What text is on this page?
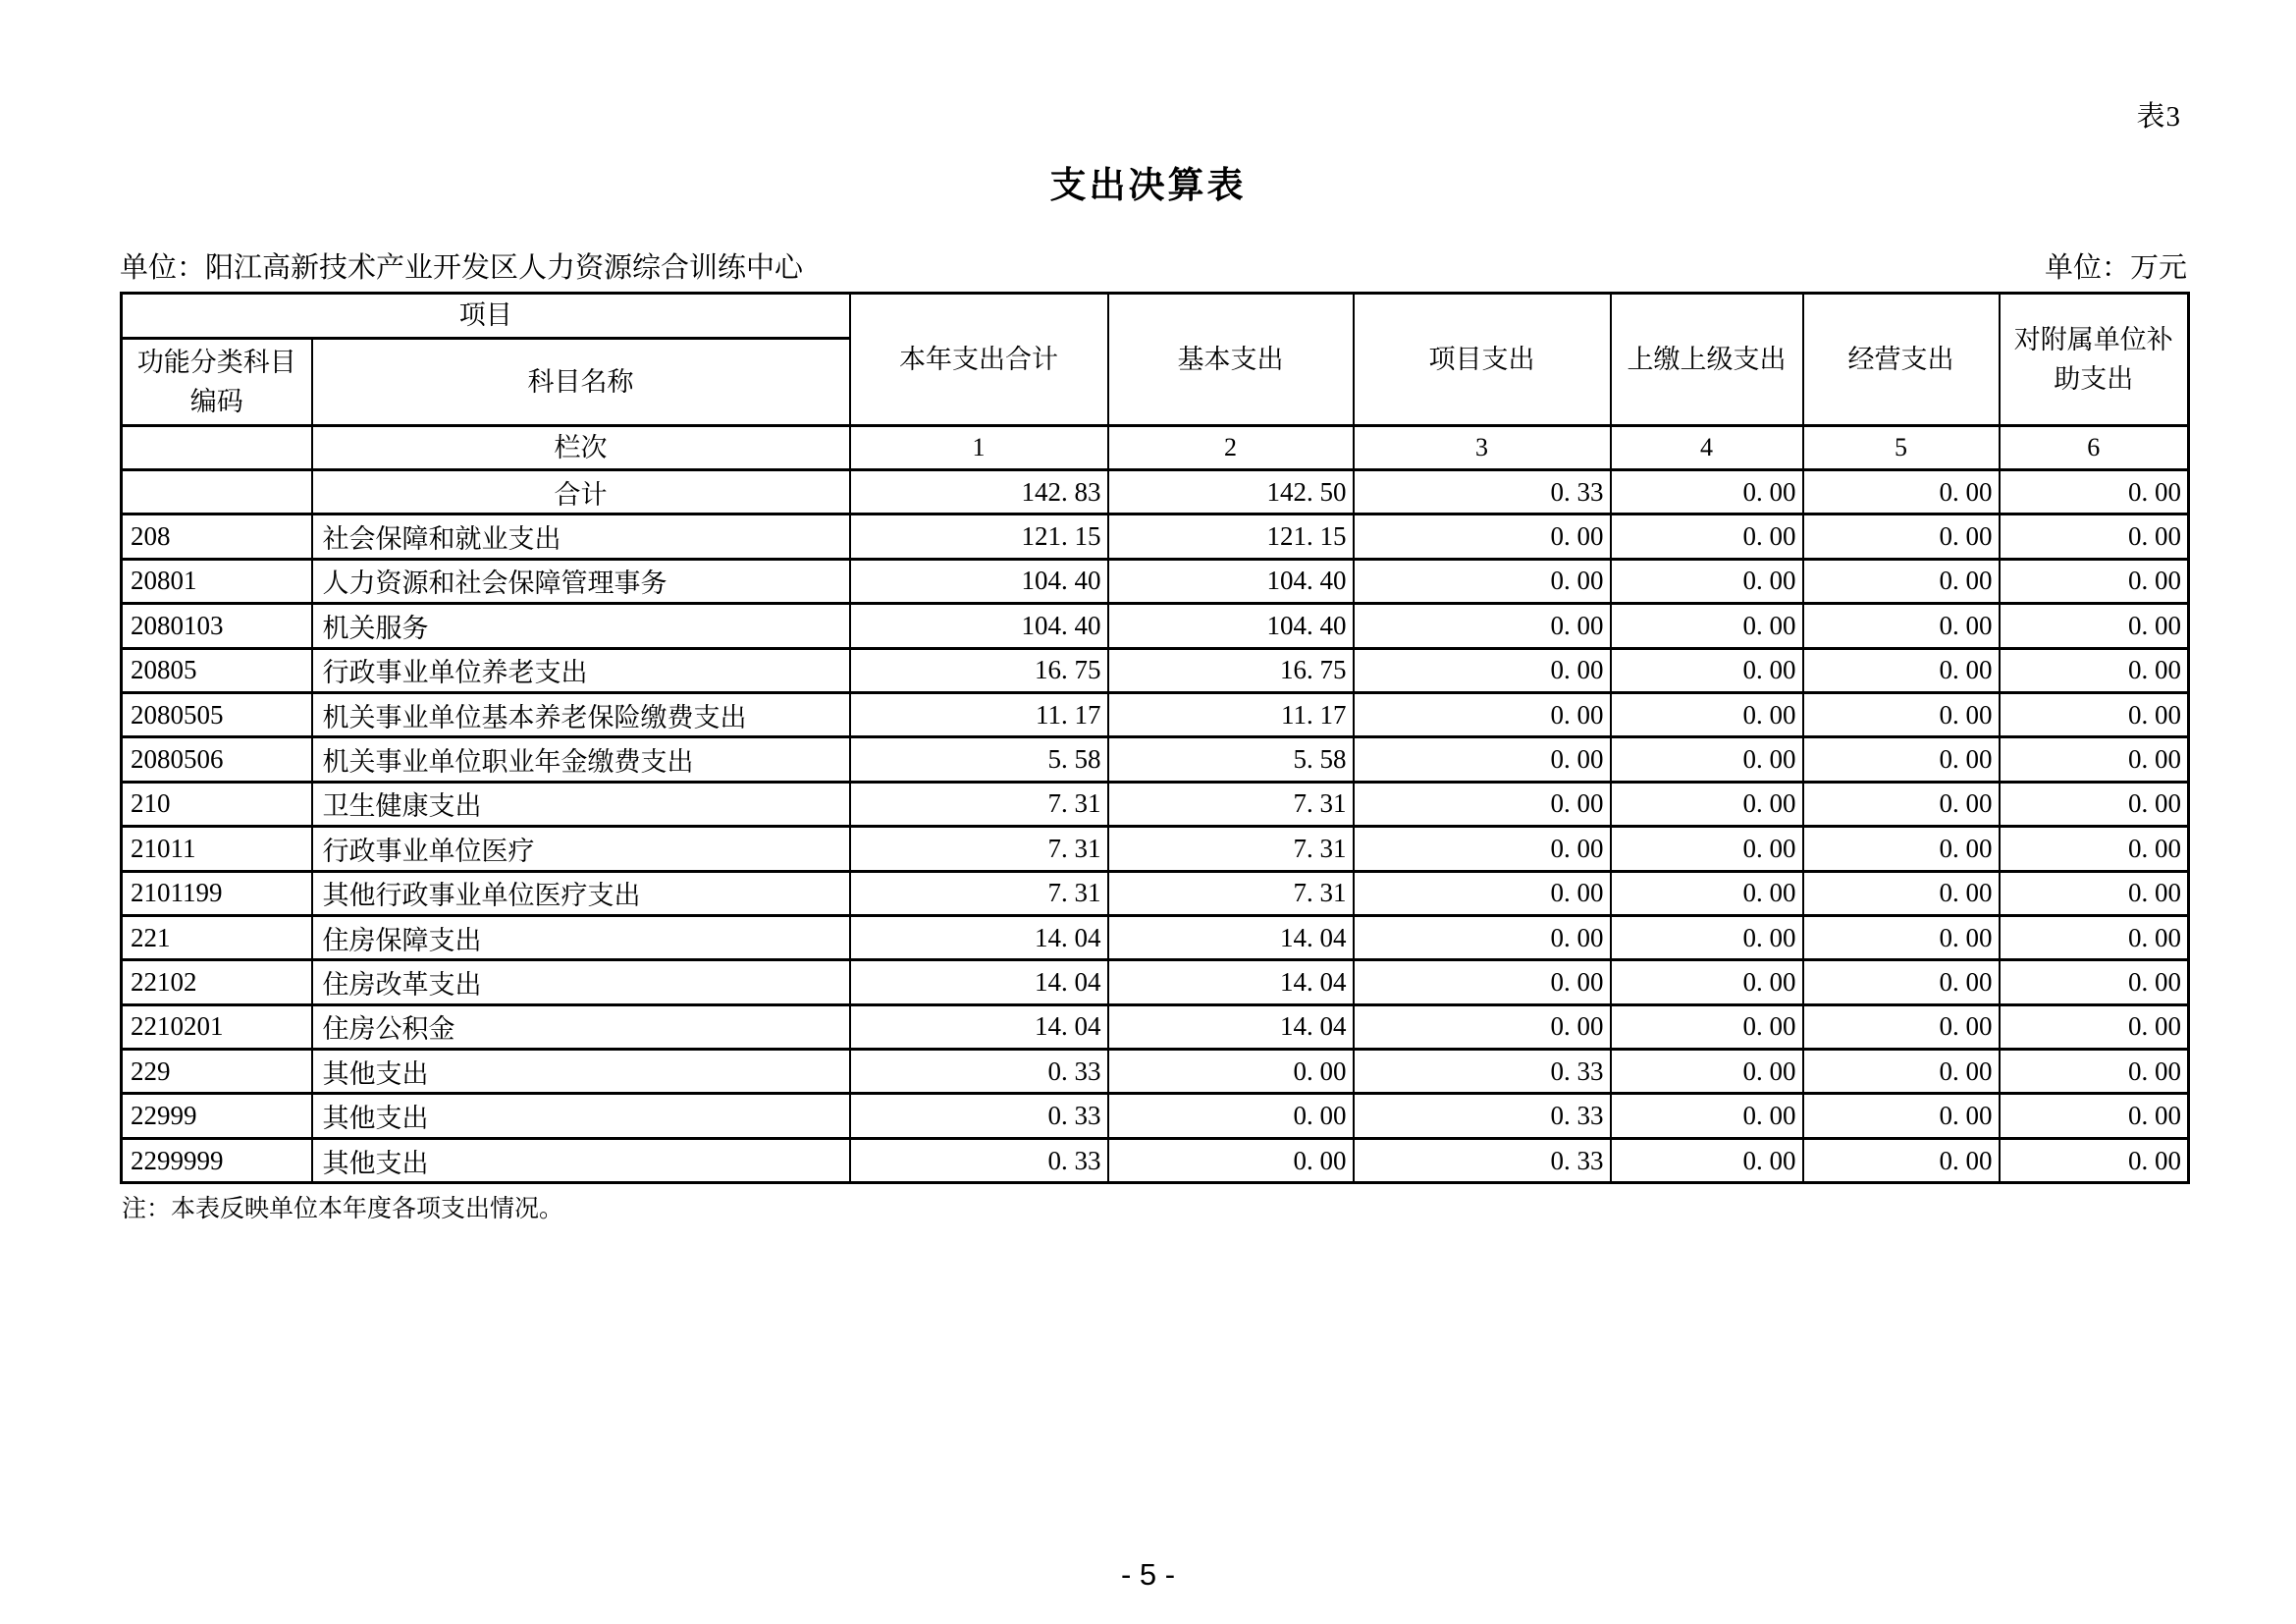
表3
支出决算表
单位：阳江高新技术产业开发区人力资源综合训练中心	单位：万元
项目		本年支出合计	基本支出	项目支出	上缴上级支出	经营支出	对附属单位补助支出
功能分类科目编码	科目名称						
	栏次	1	2	3	4	5	6
	合计	142. 83	142. 50	0. 33	0. 00	0. 00	0. 00
208	社会保障和就业支出	121. 15	121. 15	0. 00	0. 00	0. 00	0. 00
20801	人力资源和社会保障管理事务	104. 40	104. 40	0. 00	0. 00	0. 00	0. 00
2080103	机关服务	104. 40	104. 40	0. 00	0. 00	0. 00	0. 00
20805	行政事业单位养老支出	16. 75	16. 75	0. 00	0. 00	0. 00	0. 00
2080505	机关事业单位基本养老保险缴费支出	11. 17	11. 17	0. 00	0. 00	0. 00	0. 00
2080506	机关事业单位职业年金缴费支出	5. 58	5. 58	0. 00	0. 00	0. 00	0. 00
210	卫生健康支出	7. 31	7. 31	0. 00	0. 00	0. 00	0. 00
21011	行政事业单位医疗	7. 31	7. 31	0. 00	0. 00	0. 00	0. 00
2101199	其他行政事业单位医疗支出	7. 31	7. 31	0. 00	0. 00	0. 00	0. 00
221	住房保障支出	14. 04	14. 04	0. 00	0. 00	0. 00	0. 00
22102	住房改革支出	14. 04	14. 04	0. 00	0. 00	0. 00	0. 00
2210201	住房公积金	14. 04	14. 04	0. 00	0. 00	0. 00	0. 00
229	其他支出	0. 33	0. 00	0. 33	0. 00	0. 00	0. 00
22999	其他支出	0. 33	0. 00	0. 33	0. 00	0. 00	0. 00
2299999	其他支出	0. 33	0. 00	0. 33	0. 00	0. 00	0. 00
注：本表反映单位本年度各项支出情况。
- 5 -
